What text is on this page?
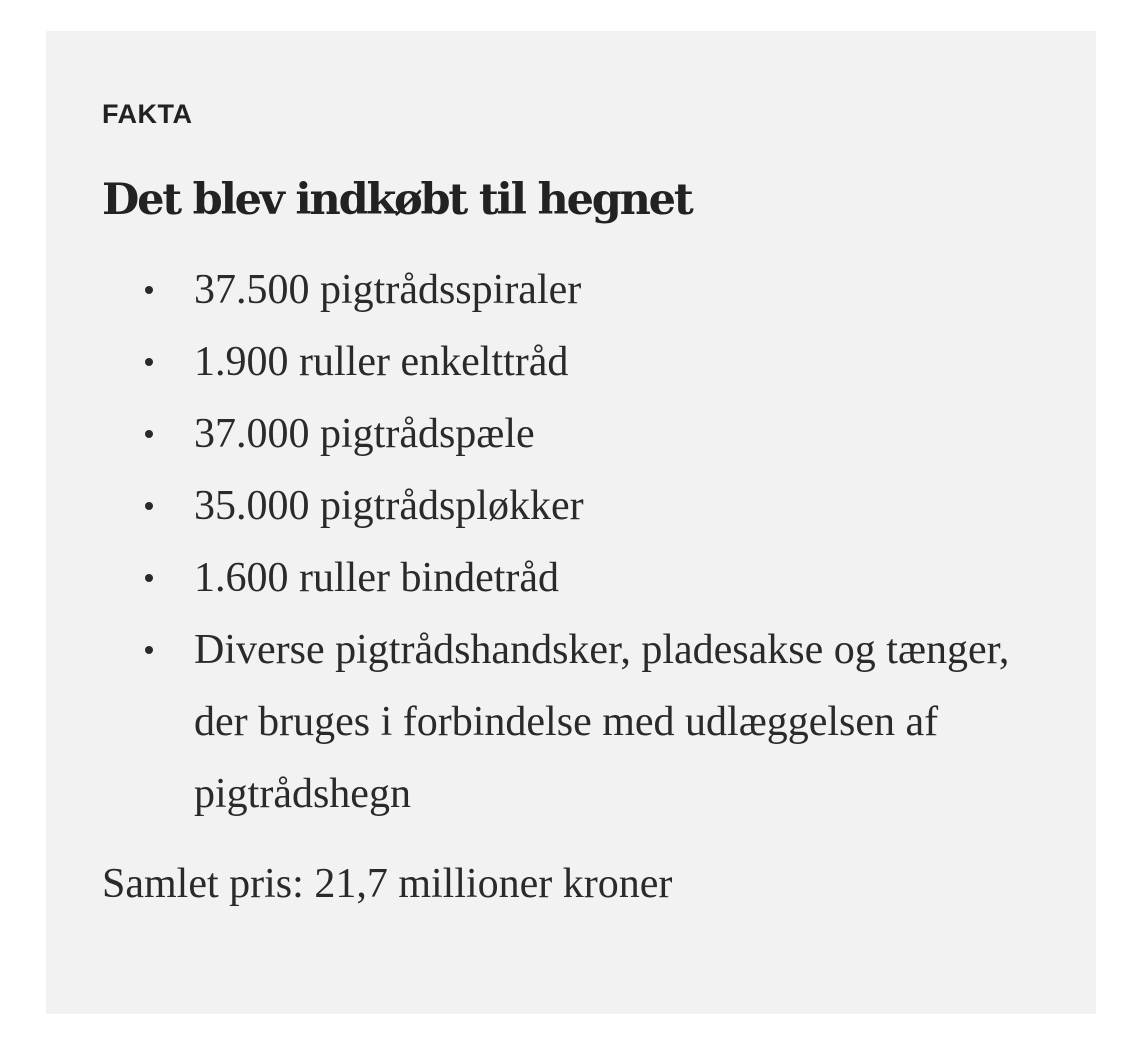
FAKTA
Det blev indkøbt til hegnet
37.500 pigtrådsspiraler
1.900 ruller enkelttråd
37.000 pigtrådspæle
35.000 pigtrådspløkker
1.600 ruller bindetråd
Diverse pigtrådshandsker, pladesakse og tænger, der bruges i forbindelse med udlæggelsen af pigtrådshegn

Samlet pris: 21,7 millioner kroner
